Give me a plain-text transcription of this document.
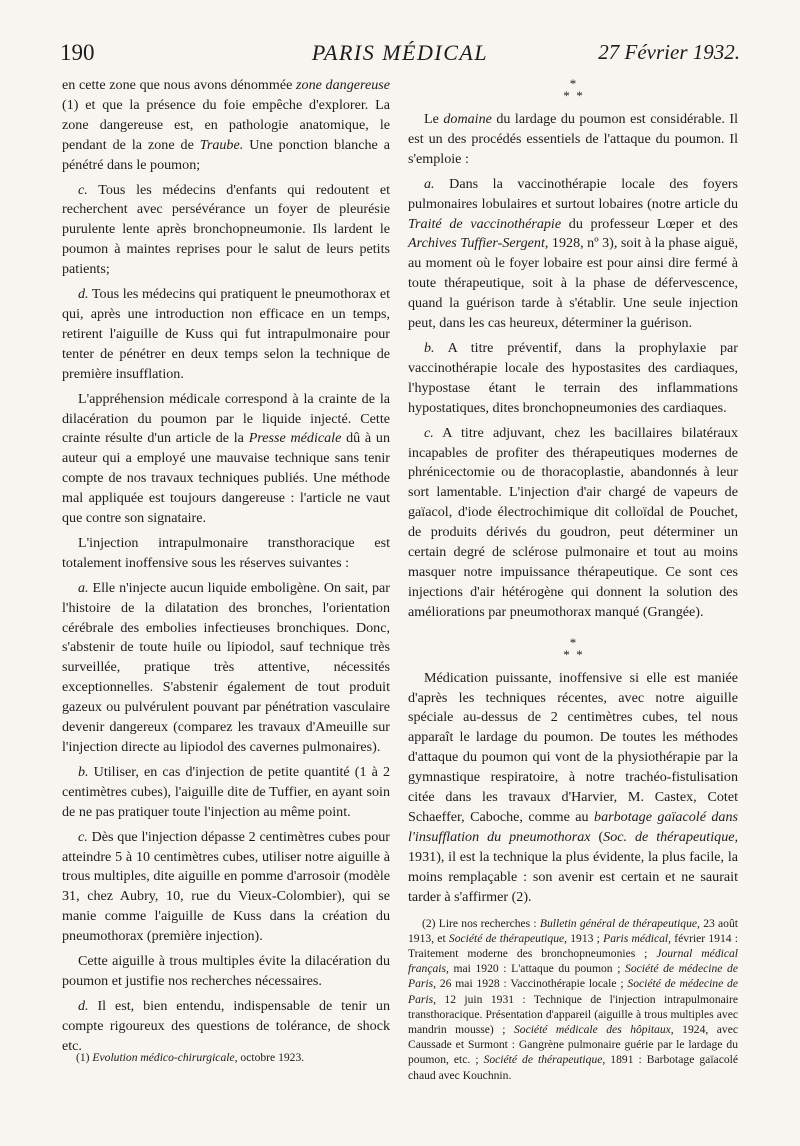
190	PARIS MÉDICAL	27 Février 1932.

en cette zone que nous avons dénommée zone dangereuse (1) et que la présence du foie empêche d'explorer. La zone dangereuse est, en pathologie anatomique, le pendant de la zone de Traube. Une ponction blanche a pénétré dans le poumon;

c. Tous les médecins d'enfants qui redoutent et recherchent avec persévérance un foyer de pleurésie purulente lente après bronchopneumonie. Ils lardent le poumon à maintes reprises pour le salut de leurs petits patients;

d. Tous les médecins qui pratiquent le pneumothorax et qui, après une introduction non efficace en un temps, retirent l'aiguille de Kuss qui fut intrapulmonaire pour tenter de pénétrer en deux temps selon la technique de première insufflation.

L'appréhension médicale correspond à la crainte de la dilacération du poumon par le liquide injecté. Cette crainte résulte d'un article de la Presse médicale dû à un auteur qui a employé une mauvaise technique sans tenir compte de nos travaux techniques publiés. Une méthode mal appliquée est toujours dangereuse : l'article ne vaut que contre son signataire.

L'injection intrapulmonaire transthoracique est totalement inoffensive sous les réserves suivantes :

a. Elle n'injecte aucun liquide emboligène. On sait, par l'histoire de la dilatation des bronches, l'orientation cérébrale des embolies infectieuses bronchiques. Donc, s'abstenir de toute huile ou lipiodol, sauf technique très surveillée, pratique très attentive, nécessités exceptionnelles. S'abstenir également de tout produit gazeux ou pulvérulent pouvant par pénétration vasculaire devenir dangereux (comparez les travaux d'Ameuille sur l'injection directe au lipiodol des cavernes pulmonaires).

b. Utiliser, en cas d'injection de petite quantité (1 à 2 centimètres cubes), l'aiguille dite de Tuffier, en ayant soin de ne pas pratiquer toute l'injection au même point.

c. Dès que l'injection dépasse 2 centimètres cubes pour atteindre 5 à 10 centimètres cubes, utiliser notre aiguille à trous multiples, dite aiguille en pomme d'arrosoir (modèle 31, chez Aubry, 10, rue du Vieux-Colombier), qui se manie comme l'aiguille de Kuss dans la création du pneumothorax (première injection).

Cette aiguille à trous multiples évite la dilacération du poumon et justifie nos recherches nécessaires.

d. Il est, bien entendu, indispensable de tenir un compte rigoureux des questions de tolérance, de shock etc.

(1) Evolution médico-chirurgicale, octobre 1923.

*
* *

Le domaine du lardage du poumon est considérable. Il est un des procédés essentiels de l'attaque du poumon. Il s'emploie :

a. Dans la vaccinothérapie locale des foyers pulmonaires lobulaires et surtout lobaires (notre article du Traité de vaccinothérapie du professeur Lœper et des Archives Tuffier-Sergent, 1928, nº 3), soit à la phase aiguë, au moment où le foyer lobaire est pour ainsi dire fermé à toute thérapeutique, soit à la phase de défervescence, quand la guérison tarde à s'établir. Une seule injection peut, dans les cas heureux, déterminer la guérison.

b. A titre préventif, dans la prophylaxie par vaccinothérapie locale des hypostasites des cardiaques, l'hypostase étant le terrain des inflammations hypostatiques, dites bronchopneumonies des cardiaques.

c. A titre adjuvant, chez les bacillaires bilatéraux incapables de profiter des thérapeutiques modernes de phrénicectomie ou de thoracoplastie, abandonnés à leur sort lamentable. L'injection d'air chargé de vapeurs de gaïacol, d'iode électrochimique dit colloïdal de Pouchet, de produits dérivés du goudron, peut déterminer un certain degré de sclérose pulmonaire et tout au moins masquer notre impuissance thérapeutique. Ce sont ces injections d'air hétérogène qui donnent la solution des améliorations par pneumothorax manqué (Grangée).

*
* *

Médication puissante, inoffensive si elle est maniée d'après les techniques récentes, avec notre aiguille spéciale au-dessus de 2 centimètres cubes, tel nous apparaît le lardage du poumon. De toutes les méthodes d'attaque du poumon qui vont de la physiothérapie par la gymnastique respiratoire, à notre trachéo-fistulisation citée dans les travaux d'Harvier, M. Castex, Cotet Schaeffer, Caboche, comme au barbotage gaïacolé dans l'insufflation du pneumothorax (Soc. de thérapeutique, 1931), il est la technique la plus évidente, la plus facile, la moins remplaçable : son avenir est certain et ne saurait tarder à s'affirmer (2).

(2) Lire nos recherches : Bulletin général de thérapeutique, 23 août 1913, et Société de thérapeutique, 1913 ; Paris médical, février 1914 : Traitement moderne des bronchopneumonies ; Journal médical français, mai 1920 : L'attaque du poumon ; Société de médecine de Paris, 26 mai 1928 : Vaccinothérapie locale ; Société de médecine de Paris, 12 juin 1931 : Technique de l'injection intrapulmonaire transthoracique. Présentation d'appareil (aiguille à trous multiples avec mandrin mousse) ; Société médicale des hôpitaux, 1924, avec Caussade et Surmont : Gangrène pulmonaire guérie par le lardage du poumon, etc. ; Société de thérapeutique, 1891 : Barbotage gaïacolé chaud avec Kouchnin.
